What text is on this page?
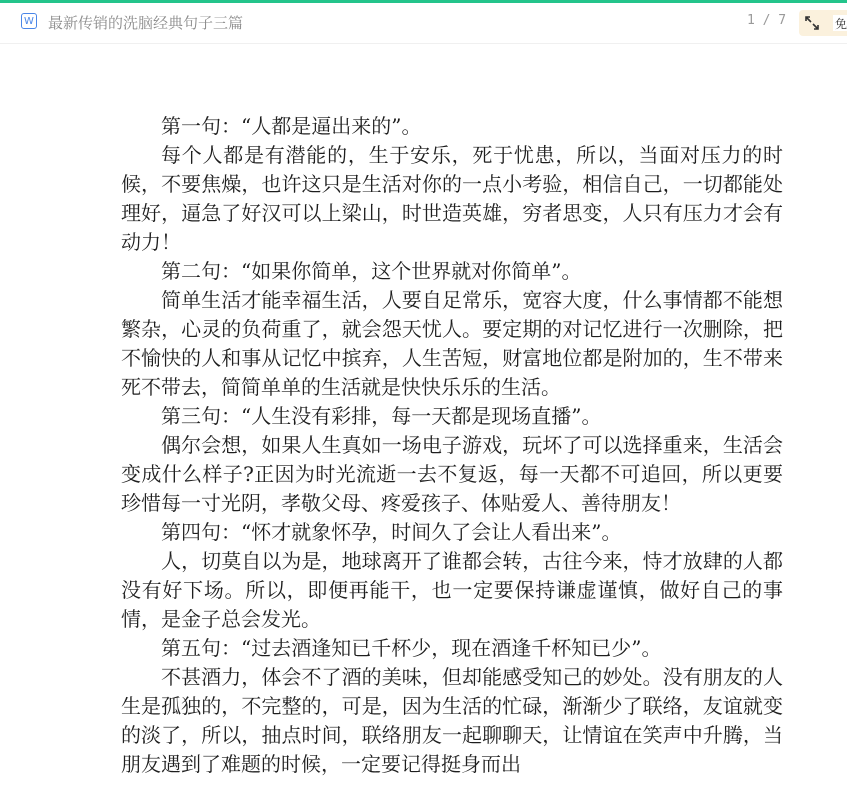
W 最新传销的洗脑经典句子三篇	1 / 7	免

第一句：“人都是逼出来的”。

每个人都是有潜能的，生于安乐，死于忧患，所以，当面对压力的时候，不要焦燥，也许这只是生活对你的一点小考验，相信自己，一切都能处理好，逼急了好汉可以上梁山，时世造英雄，穷者思变，人只有压力才会有动力！

第二句：“如果你简单，这个世界就对你简单”。

简单生活才能幸福生活，人要自足常乐，宽容大度，什么事情都不能想繁杂，心灵的负荷重了，就会怨天忧人。要定期的对记忆进行一次删除，把不愉快的人和事从记忆中摈弃，人生苦短，财富地位都是附加的，生不带来死不带去，简简单单的生活就是快快乐乐的生活。

第三句：“人生没有彩排，每一天都是现场直播”。

偶尔会想，如果人生真如一场电子游戏，玩坏了可以选择重来，生活会变成什么样子?正因为时光流逝一去不复返，每一天都不可追回，所以更要珍惜每一寸光阴，孝敬父母、疼爱孩子、体贴爱人、善待朋友！

第四句：“怀才就象怀孕，时间久了会让人看出来”。

人，切莫自以为是，地球离开了谁都会转，古往今来，恃才放肆的人都没有好下场。所以，即便再能干，也一定要保持谦虚谨慎，做好自己的事情，是金子总会发光。

第五句：“过去酒逢知已千杯少，现在酒逢千杯知已少”。

不甚酒力，体会不了酒的美味，但却能感受知己的妙处。没有朋友的人生是孤独的，不完整的，可是，因为生活的忙碌，渐渐少了联络，友谊就变的淡了，所以，抽点时间，联络朋友一起聊聊天，让情谊在笑声中升腾，当朋友遇到了难题的时候，一定要记得挺身而出
